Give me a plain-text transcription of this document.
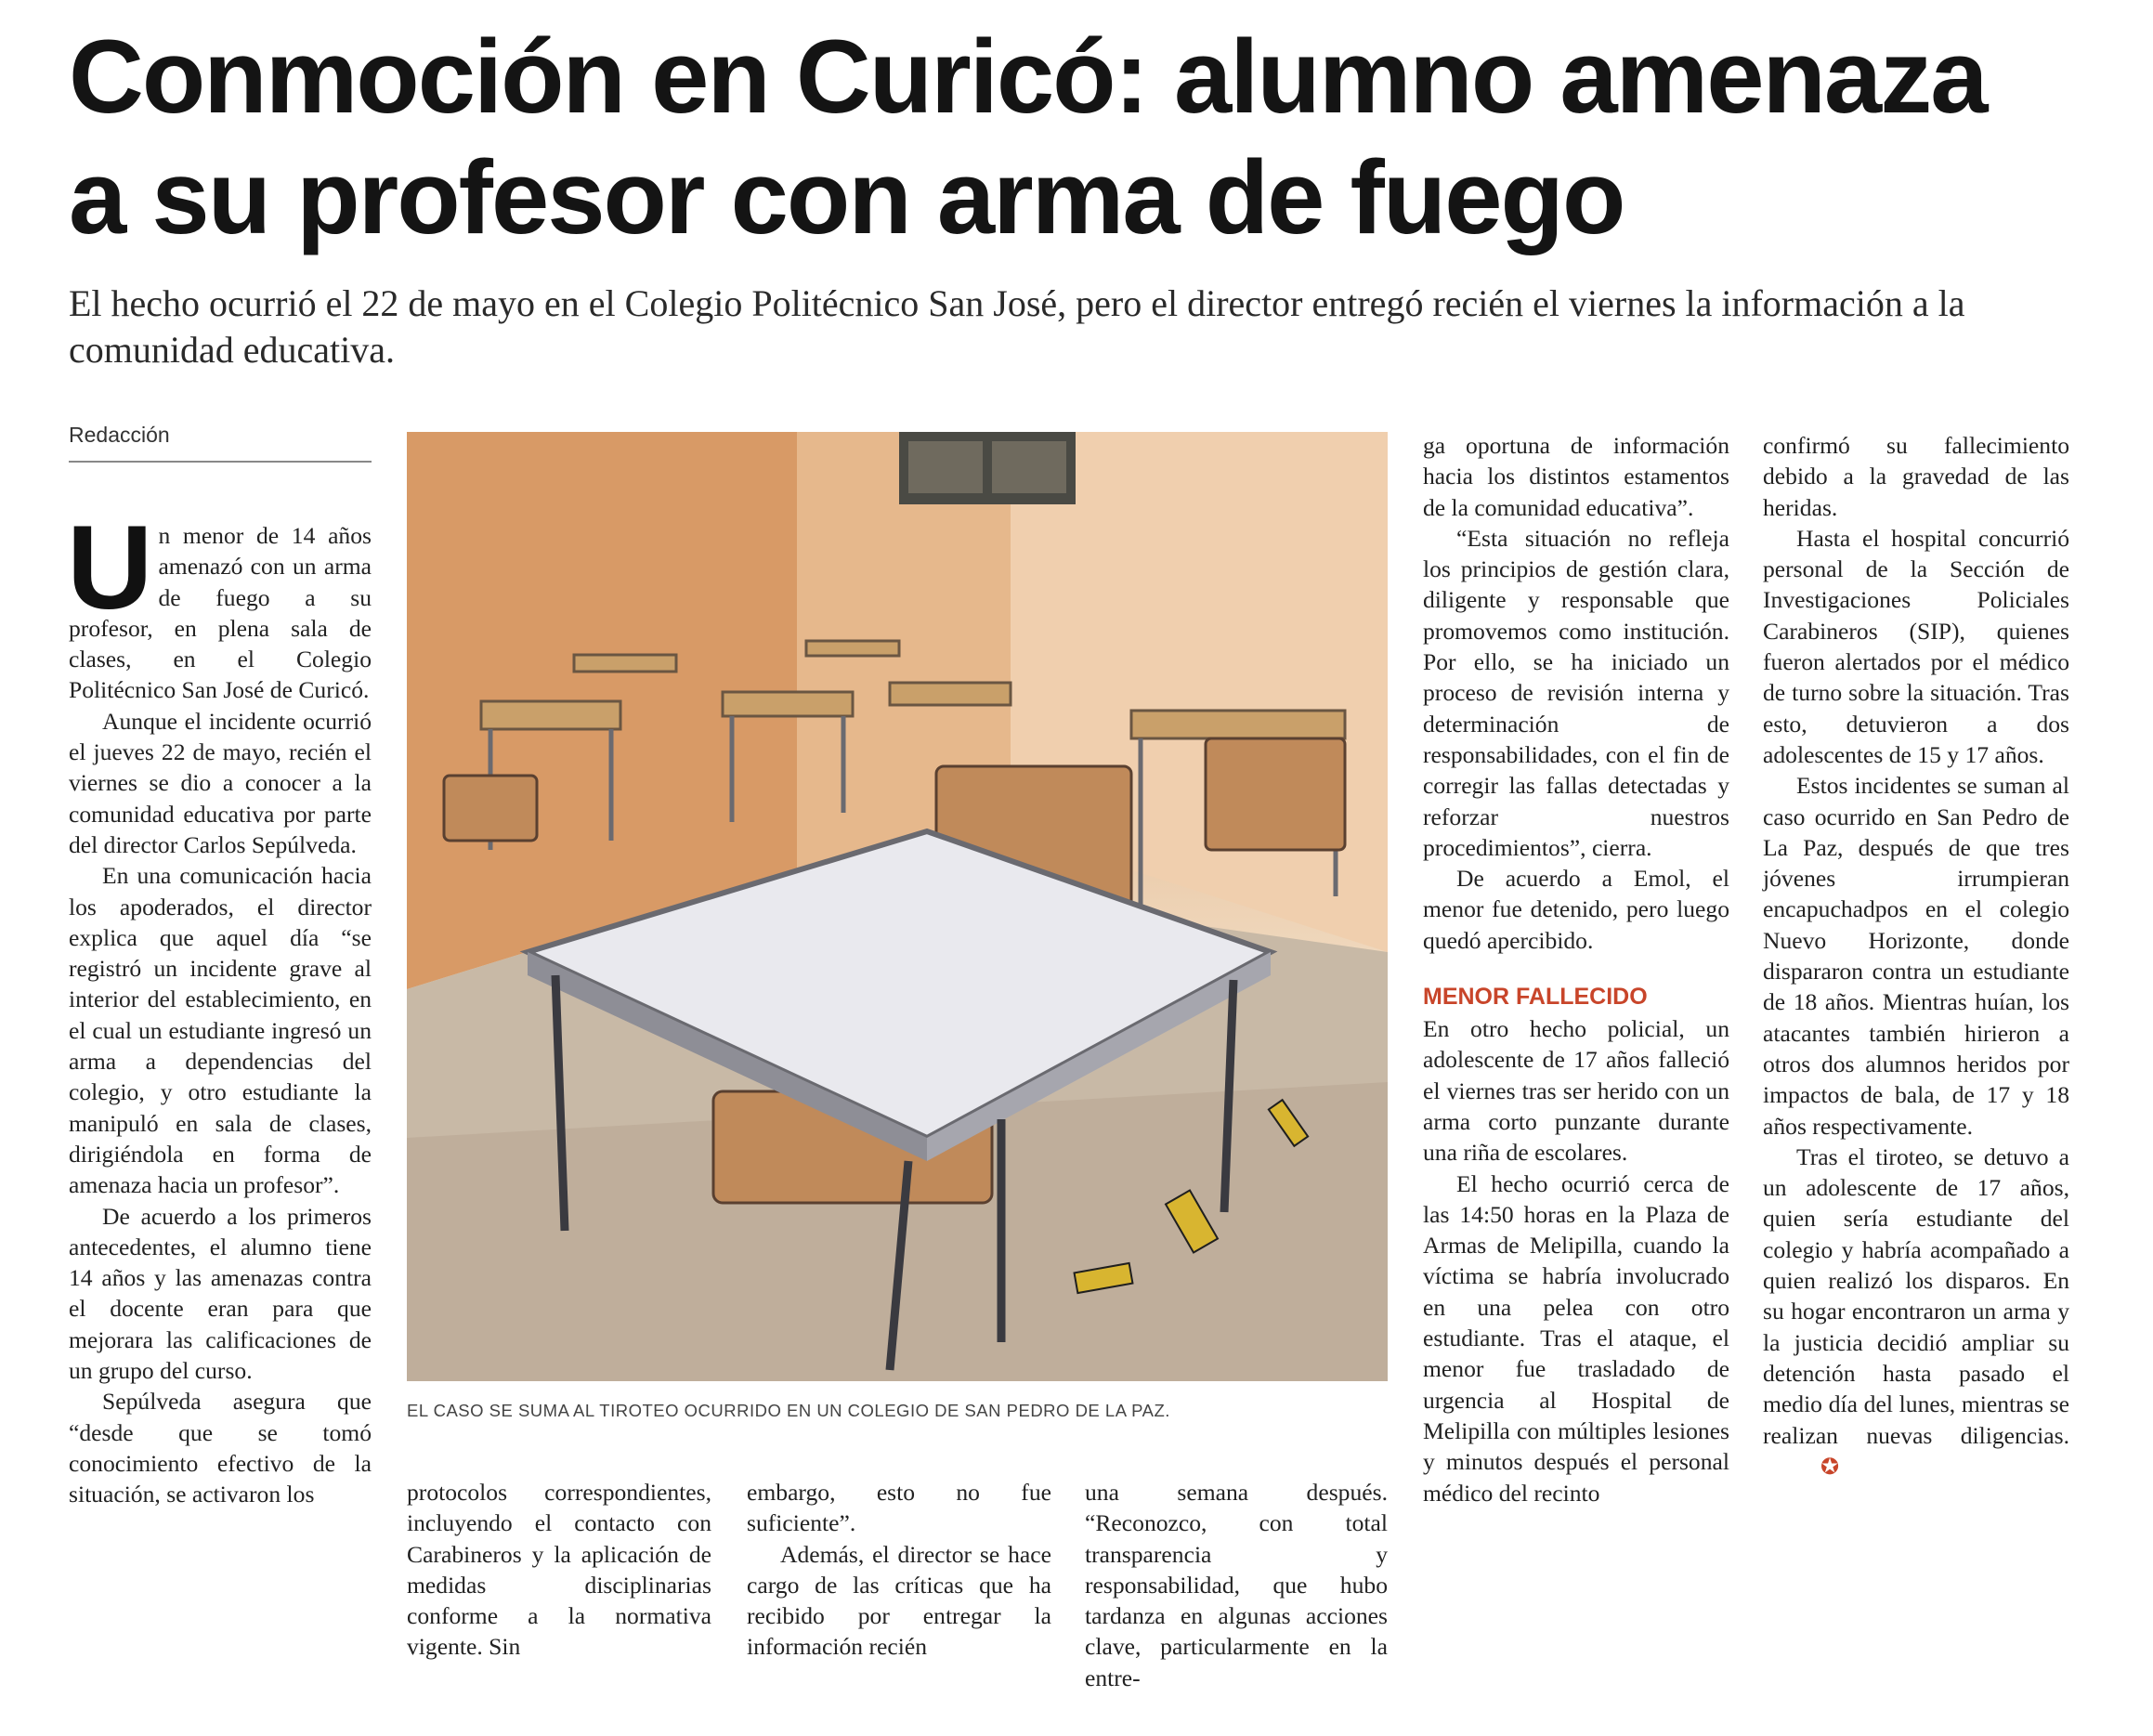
Conmoción en Curicó: alumno amenaza
a su profesor con arma de fuego

El hecho ocurrió el 22 de mayo en el Colegio Politécnico San José, pero el director entregó recién el viernes la información a la comunidad educativa.

Redacción

Un menor de 14 años amenazó con un arma de fuego a su profesor, en plena sala de clases, en el Colegio Politécnico San José de Curicó.

Aunque el incidente ocurrió el jueves 22 de mayo, recién el viernes se dio a conocer a la comunidad educativa por parte del director Carlos Sepúlveda.

En una comunicación hacia los apoderados, el director explica que aquel día “se registró un incidente grave al interior del establecimiento, en el cual un estudiante ingresó un arma a dependencias del colegio, y otro estudiante la manipuló en sala de clases, dirigiéndola en forma de amenaza hacia un profesor”.

De acuerdo a los primeros antecedentes, el alumno tiene 14 años y las amenazas contra el docente eran para que mejorara las calificaciones de un grupo del curso.

Sepúlveda asegura que “desde que se tomó conocimiento efectivo de la situación, se activaron los

EL CASO SE SUMA AL TIROTEO OCURRIDO EN UN COLEGIO DE SAN PEDRO DE LA PAZ.

protocolos correspondientes, incluyendo el contacto con Carabineros y la aplicación de medidas disciplinarias conforme a la normativa vigente. Sin

embargo, esto no fue suficiente”.

Además, el director se hace cargo de las críticas que ha recibido por entregar la información recién

una semana después. “Reconozco, con total transparencia y responsabilidad, que hubo tardanza en algunas acciones clave, particularmente en la entre-

ga oportuna de información hacia los distintos estamentos de la comunidad educativa”.

“Esta situación no refleja los principios de gestión clara, diligente y responsable que promovemos como institución. Por ello, se ha iniciado un proceso de revisión interna y determinación de responsabilidades, con el fin de corregir las fallas detectadas y reforzar nuestros procedimientos”, cierra.

De acuerdo a Emol, el menor fue detenido, pero luego quedó apercibido.

MENOR FALLECIDO

En otro hecho policial, un adolescente de 17 años falleció el viernes tras ser herido con un arma corto punzante durante una riña de escolares.

El hecho ocurrió cerca de las 14:50 horas en la Plaza de Armas de Melipilla, cuando la víctima se habría involucrado en una pelea con otro estudiante. Tras el ataque, el menor fue trasladado de urgencia al Hospital de Melipilla con múltiples lesiones y minutos después el personal médico del recinto

confirmó su fallecimiento debido a la gravedad de las heridas.

Hasta el hospital concurrió personal de la Sección de Investigaciones Policiales Carabineros (SIP), quienes fueron alertados por el médico de turno sobre la situación. Tras esto, detuvieron a dos adolescentes de 15 y 17 años.

Estos incidentes se suman al caso ocurrido en San Pedro de La Paz, después de que tres jóvenes irrumpieran encapuchadpos en el colegio Nuevo Horizonte, donde dispararon contra un estudiante de 18 años. Mientras huían, los atacantes también hirieron a otros dos alumnos heridos por impactos de bala, de 17 y 18 años respectivamente.

Tras el tiroteo, se detuvo a un adolescente de 17 años, quien sería estudiante del colegio y habría acompañado a quien realizó los disparos. En su hogar encontraron un arma y la justicia decidió ampliar su detención hasta pasado el medio día del lunes, mientras se realizan nuevas diligencias.✪
